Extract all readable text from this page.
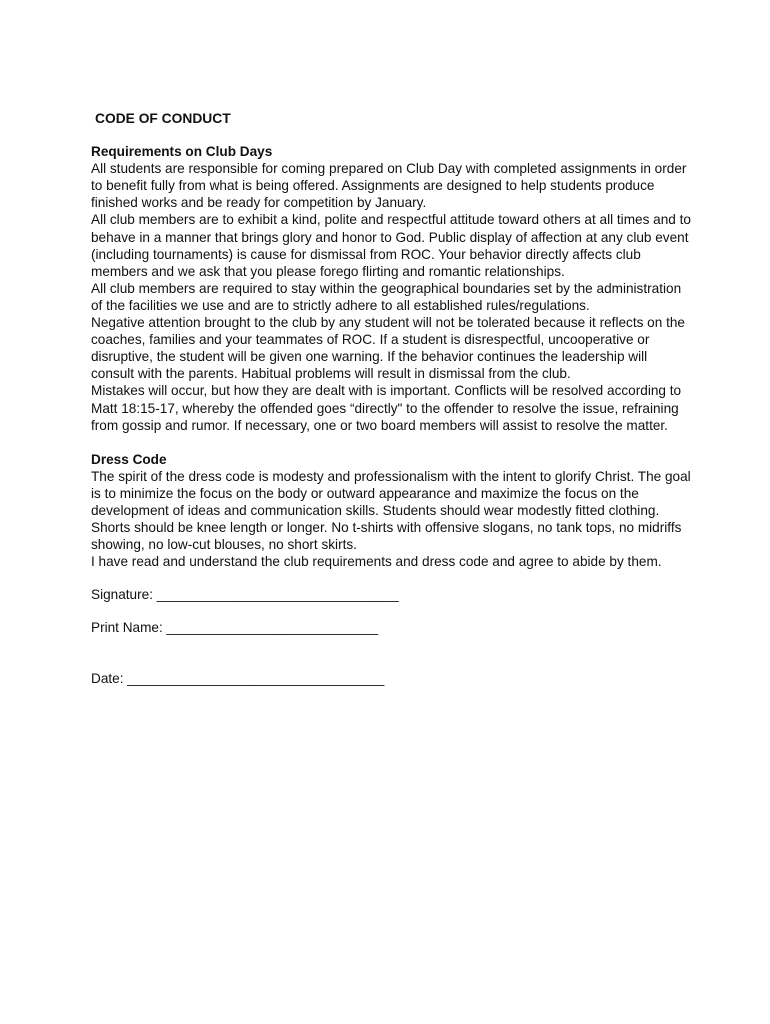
CODE OF CONDUCT
Requirements on Club Days

All students are responsible for coming prepared on Club Day with completed assignments in order to benefit fully from what is being offered. Assignments are designed to help students produce finished works and be ready for competition by January.

All club members are to exhibit a kind, polite and respectful attitude toward others at all times and to behave in a manner that brings glory and honor to God. Public display of affection at any club event (including tournaments) is cause for dismissal from ROC. Your behavior directly affects club members and we ask that you please forego flirting and romantic relationships.

All club members are required to stay within the geographical boundaries set by the administration of the facilities we use and are to strictly adhere to all established rules/regulations.

Negative attention brought to the club by any student will not be tolerated because it reflects on the coaches, families and your teammates of ROC. If a student is disrespectful, uncooperative or disruptive, the student will be given one warning. If the behavior continues the leadership will consult with the parents. Habitual problems will result in dismissal from the club.

Mistakes will occur, but how they are dealt with is important. Conflicts will be resolved according to Matt 18:15-17, whereby the offended goes “directly" to the offender to resolve the issue, refraining from gossip and rumor. If necessary, one or two board members will assist to resolve the matter.

Dress Code

The spirit of the dress code is modesty and professionalism with the intent to glorify Christ. The goal is to minimize the focus on the body or outward appearance and maximize the focus on the development of ideas and communication skills. Students should wear modestly fitted clothing. Shorts should be knee length or longer. No t-shirts with offensive slogans, no tank tops, no midriffs showing, no low-cut blouses, no short skirts.

I have read and understand the club requirements and dress code and agree to abide by them.

Signature: ________________________________

Print Name: ____________________________

Date: __________________________________
